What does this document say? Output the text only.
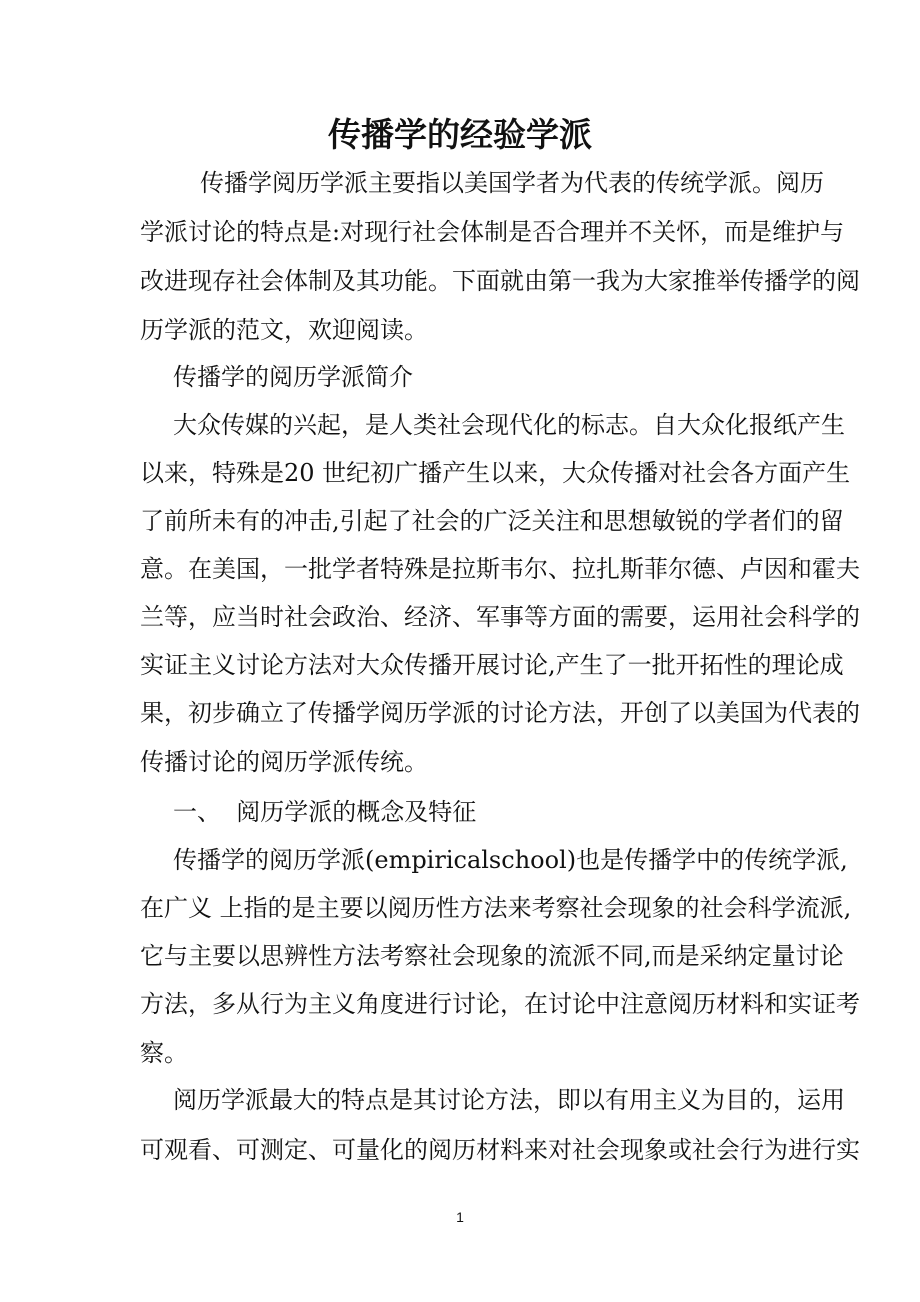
传播学的经验学派
传播学阅历学派主要指以美国学者为代表的传统学派。阅历
学派讨论的特点是:对现行社会体制是否合理并不关怀，而是维护与
改进现存社会体制及其功能。下面就由第一我为大家推举传播学的阅
历学派的范文，欢迎阅读。
传播学的阅历学派简介
大众传媒的兴起，是人类社会现代化的标志。自大众化报纸产生
以来，特殊是20 世纪初广播产生以来，大众传播对社会各方面产生
了前所未有的冲击,引起了社会的广泛关注和思想敏锐的学者们的留
意。在美国，一批学者特殊是拉斯韦尔、拉扎斯菲尔德、卢因和霍夫
兰等，应当时社会政治、经济、军事等方面的需要，运用社会科学的
实证主义讨论方法对大众传播开展讨论,产生了一批开拓性的理论成
果，初步确立了传播学阅历学派的讨论方法，开创了以美国为代表的
传播讨论的阅历学派传统。
一、  阅历学派的概念及特征
传播学的阅历学派(empiricalschool)也是传播学中的传统学派,
在广义 上指的是主要以阅历性方法来考察社会现象的社会科学流派,
它与主要以思辨性方法考察社会现象的流派不同,而是采纳定量讨论
方法，多从行为主义角度进行讨论，在讨论中注意阅历材料和实证考
察。
阅历学派最大的特点是其讨论方法，即以有用主义为目的，运用
可观看、可测定、可量化的阅历材料来对社会现象或社会行为进行实
1
